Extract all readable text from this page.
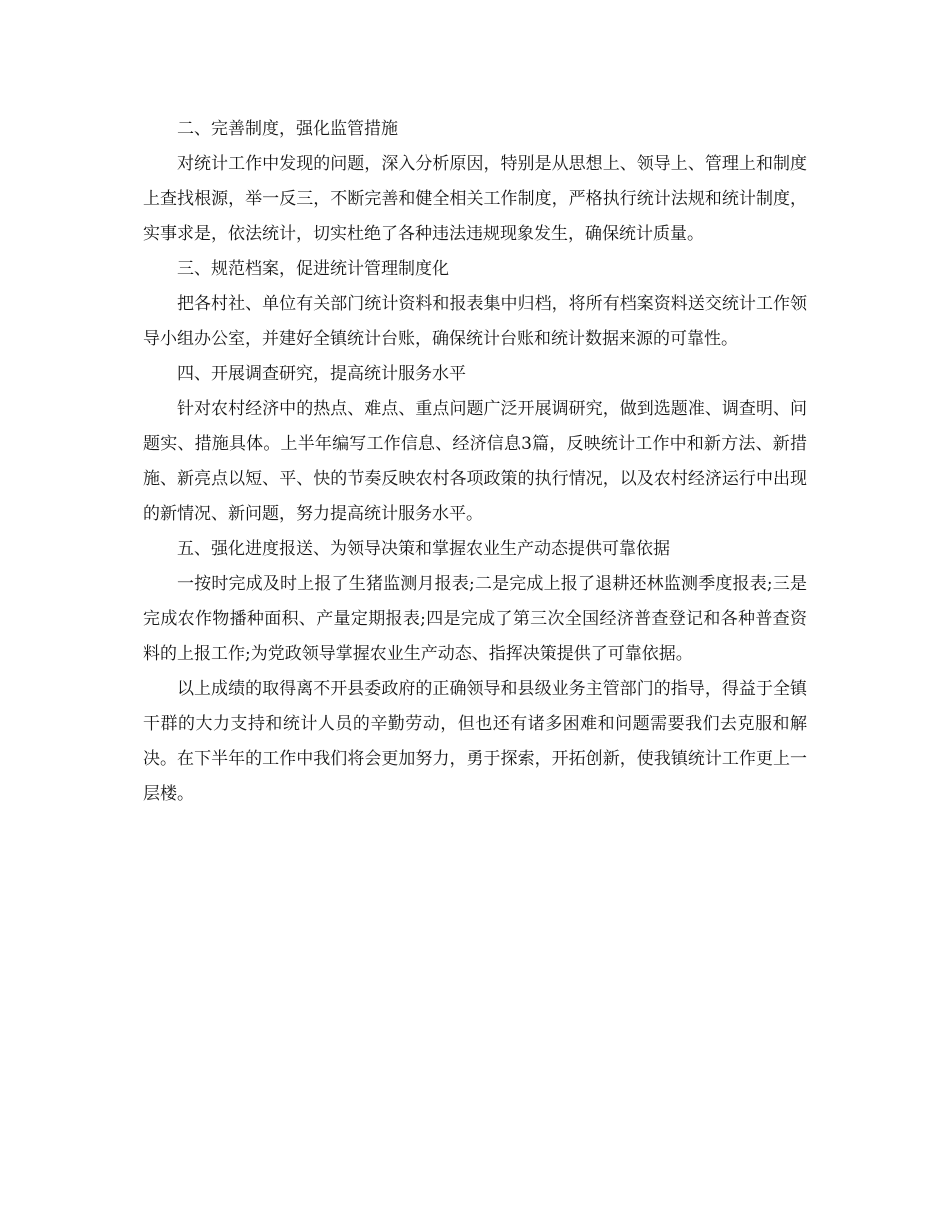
二、完善制度，强化监管措施

对统计工作中发现的问题，深入分析原因，特别是从思想上、领导上、管理上和制度上查找根源，举一反三，不断完善和健全相关工作制度，严格执行统计法规和统计制度，实事求是，依法统计，切实杜绝了各种违法违规现象发生，确保统计质量。

三、规范档案，促进统计管理制度化

把各村社、单位有关部门统计资料和报表集中归档，将所有档案资料送交统计工作领导小组办公室，并建好全镇统计台账，确保统计台账和统计数据来源的可靠性。

四、开展调查研究，提高统计服务水平

针对农村经济中的热点、难点、重点问题广泛开展调研究，做到选题准、调查明、问题实、措施具体。上半年编写工作信息、经济信息3篇，反映统计工作中和新方法、新措施、新亮点以短、平、快的节奏反映农村各项政策的执行情况，以及农村经济运行中出现的新情况、新问题，努力提高统计服务水平。

五、强化进度报送、为领导决策和掌握农业生产动态提供可靠依据

一按时完成及时上报了生猪监测月报表;二是完成上报了退耕还林监测季度报表;三是完成农作物播种面积、产量定期报表;四是完成了第三次全国经济普查登记和各种普查资料的上报工作;为党政领导掌握农业生产动态、指挥决策提供了可靠依据。

以上成绩的取得离不开县委政府的正确领导和县级业务主管部门的指导，得益于全镇干群的大力支持和统计人员的辛勤劳动，但也还有诸多困难和问题需要我们去克服和解决。在下半年的工作中我们将会更加努力，勇于探索，开拓创新，使我镇统计工作更上一层楼。
